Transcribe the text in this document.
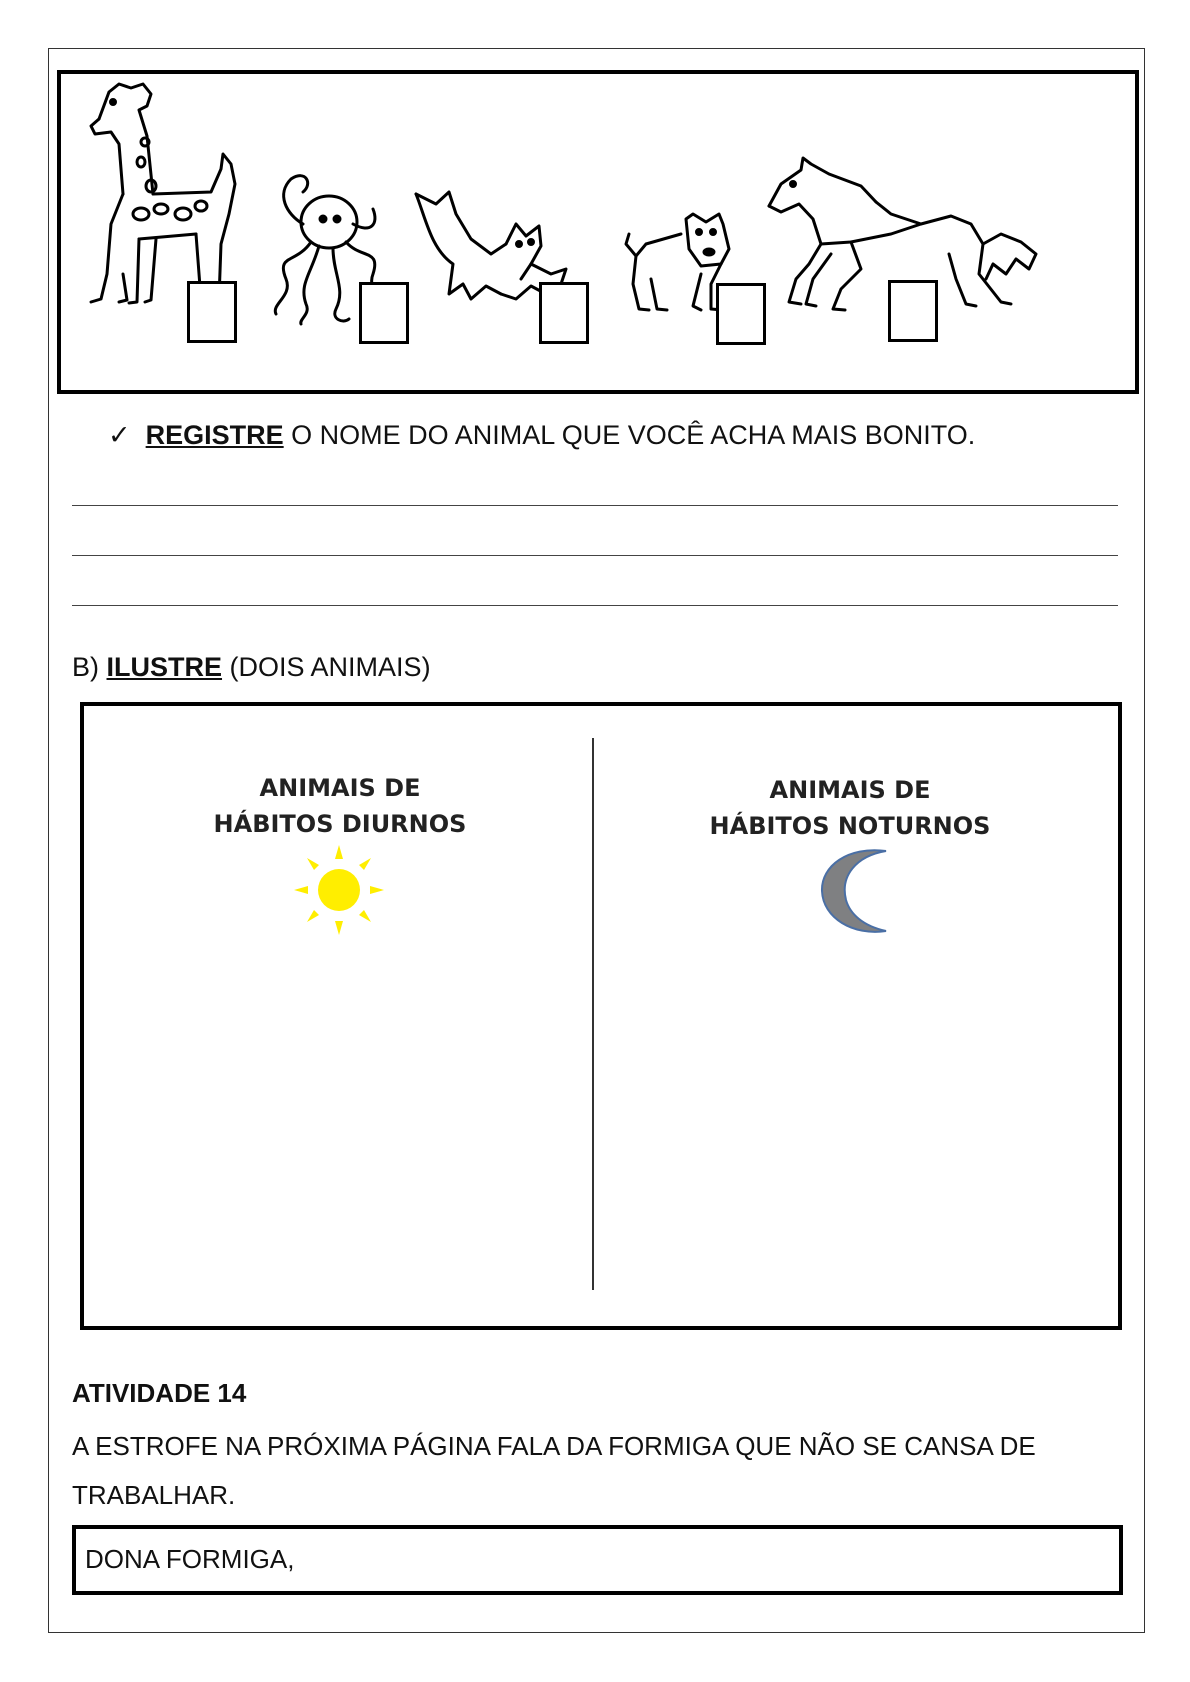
✓ REGISTRE O NOME DO ANIMAL QUE VOCÊ ACHA MAIS BONITO.
B) ILUSTRE (DOIS ANIMAIS)
ANIMAIS DE
HÁBITOS DIURNOS
ANIMAIS DE
HÁBITOS NOTURNOS
ATIVIDADE 14
A ESTROFE NA PRÓXIMA PÁGINA FALA DA FORMIGA QUE NÃO SE CANSA DE TRABALHAR.
DONA FORMIGA,
